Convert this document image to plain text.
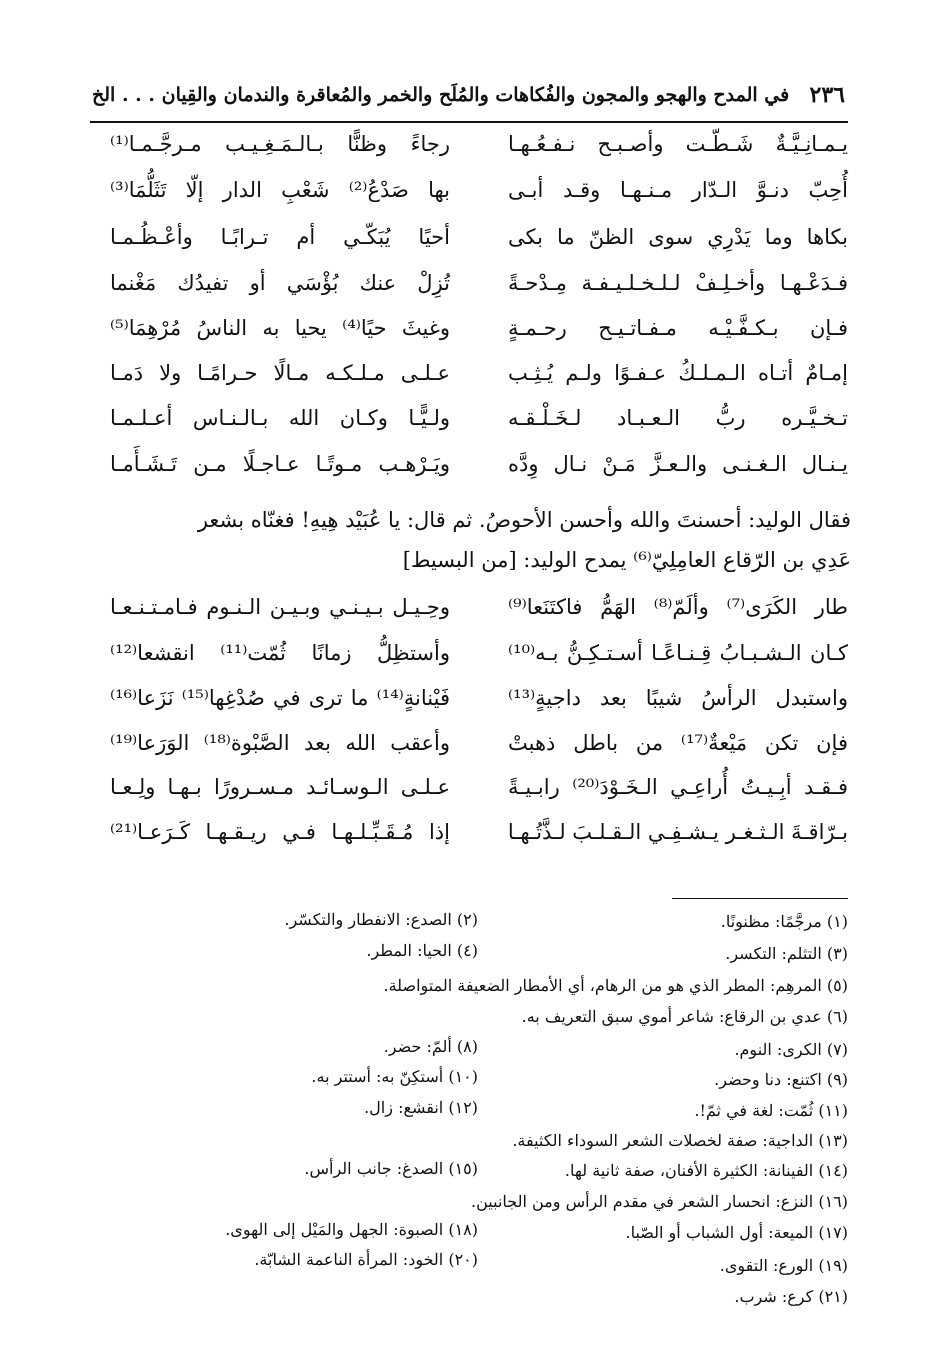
٢٣٦
في المدح والهجو والمجون والفُكاهات والمُلَح والخمر والمُعاقرة والندمان والقِيان . . . الخ
يـمـانِـيَّـةٌ شَـطّـت وأصـبـح نـفـعُـهـا
رجاءً وظنًّا بـالـمَـغِـيـب مـرجَّـمـا⁽¹⁾
أُحِبّ دنـوَّ الـدّار مـنـهـا وقـد أبـى
بها صَدْعُ⁽²⁾ شَعْبِ الدار إلّا تَثَلُّمَا⁽³⁾
بكاها وما يَدْرِي سوى الظنّ ما بكى
أحيًا يُبَكّـي أم تـرابًـا وأعْـظُـمـا
فـدَعْـهـا وأخـلِـفْ لـلـخـلـيـفـة مِـدْحـةً
تُزِلْ عنك بُؤْسَي أو تفيدُك مَغْنما
فـإن بـكـفَّـيْـه مـفـاتـيـح رحـمـةٍ
وغيثَ حيًا⁽⁴⁾ يحيا به الناسُ مُرْهِمَا⁽⁵⁾
إمـامٌ أتـاه الـمـلـكُ عـفـوًا ولـم يُـثِـب
عـلـى مـلـكـه مـالًا حـرامًـا ولا دَمـا
تـخـيَّـره ربُّ الـعـبـاد لـخَـلْـقـه
ولـيًّـا وكـان الله بـالـنـاس أعـلـمـا
يـنـال الـغـنـى والـعـزَّ مَـنْ نـال وِدَّه
ويَـرْهـب مـوتًـا عـاجـلًا مـن تَـشَـأَمـا
فقال الوليد: أحسنتَ والله وأحسن الأحوصُ. ثم قال: يا عُبَيْد هِيهِ! فغنّاه بشعر
عَدِي بن الرّقاع العامِلِيّ⁽⁶⁾ يمدح الوليد: [من البسيط]
طار الكَرَى⁽⁷⁾ وألَمّ⁽⁸⁾ الهَمُّ فاكتَنَعا⁽⁹⁾
وحِـيـل بـيـنـي وبـيـن الـنـوم فـامـتـنـعـا
كـان الـشـبـابُ قِـنـاعًـا أسـتـكِـنُّ بـه⁽¹⁰⁾
وأستظِلُّ زمانًا ثُمّت⁽¹¹⁾ انقشعا⁽¹²⁾
واستبدل الرأسُ شيبًا بعد داجيةٍ⁽¹³⁾
فَيْنانةٍ⁽¹⁴⁾ ما ترى في صُدْغِها⁽¹⁵⁾ نَزَعا⁽¹⁶⁾
فإن تكن مَيْعةٌ⁽¹⁷⁾ من باطل ذهبتْ
وأعقب الله بعد الصَّبْوة⁽¹⁸⁾ الوَرَعا⁽¹⁹⁾
فـقـد أبِـيـتُ أُراعِـي الـخَـوْدَ⁽²⁰⁾ رابـيـةً
عـلـى الـوسـائـد مـسـرورًا بـهـا ولِـعـا
بـرّاقـةَ الـثـغـر يـشـفِـي الـقـلـبَ لـذَّتُـهـا
إذا مُـقَـبِّـلـهـا فـي ريـقـهـا كَـرَعـا⁽²¹⁾
(١) مرجَّمًا: مظنونًا.
(٢) الصدع: الانفطار والتكسّر.
(٣) التثلم: التكسر.
(٤) الحيا: المطر.
(٥) المرهِم: المطر الذي هو من الرهام، أي الأمطار الضعيفة المتواصلة.
(٦) عدي بن الرقاع: شاعر أموي سبق التعريف به.
(٧) الكرى: النوم.
(٨) ألمّ: حضر.
(٩) اكتنع: دنا وحضر.
(١٠) أستكِنّ به: أستتر به.
(١١) ثُمّت: لغة في ثمّ!.
(١٢) انقشع: زال.
(١٣) الداجية: صفة لخصلات الشعر السوداء الكثيفة.
(١٤) الفينانة: الكثيرة الأفنان، صفة ثانية لها.
(١٥) الصدغ: جانب الرأس.
(١٦) النزع: انحسار الشعر في مقدم الرأس ومن الجانبين.
(١٧) الميعة: أول الشباب أو الصّبا.
(١٨) الصبوة: الجهل والمَيْل إلى الهوى.
(١٩) الورع: التقوى.
(٢٠) الخود: المرأة الناعمة الشابّة.
(٢١) كرع: شرب.
